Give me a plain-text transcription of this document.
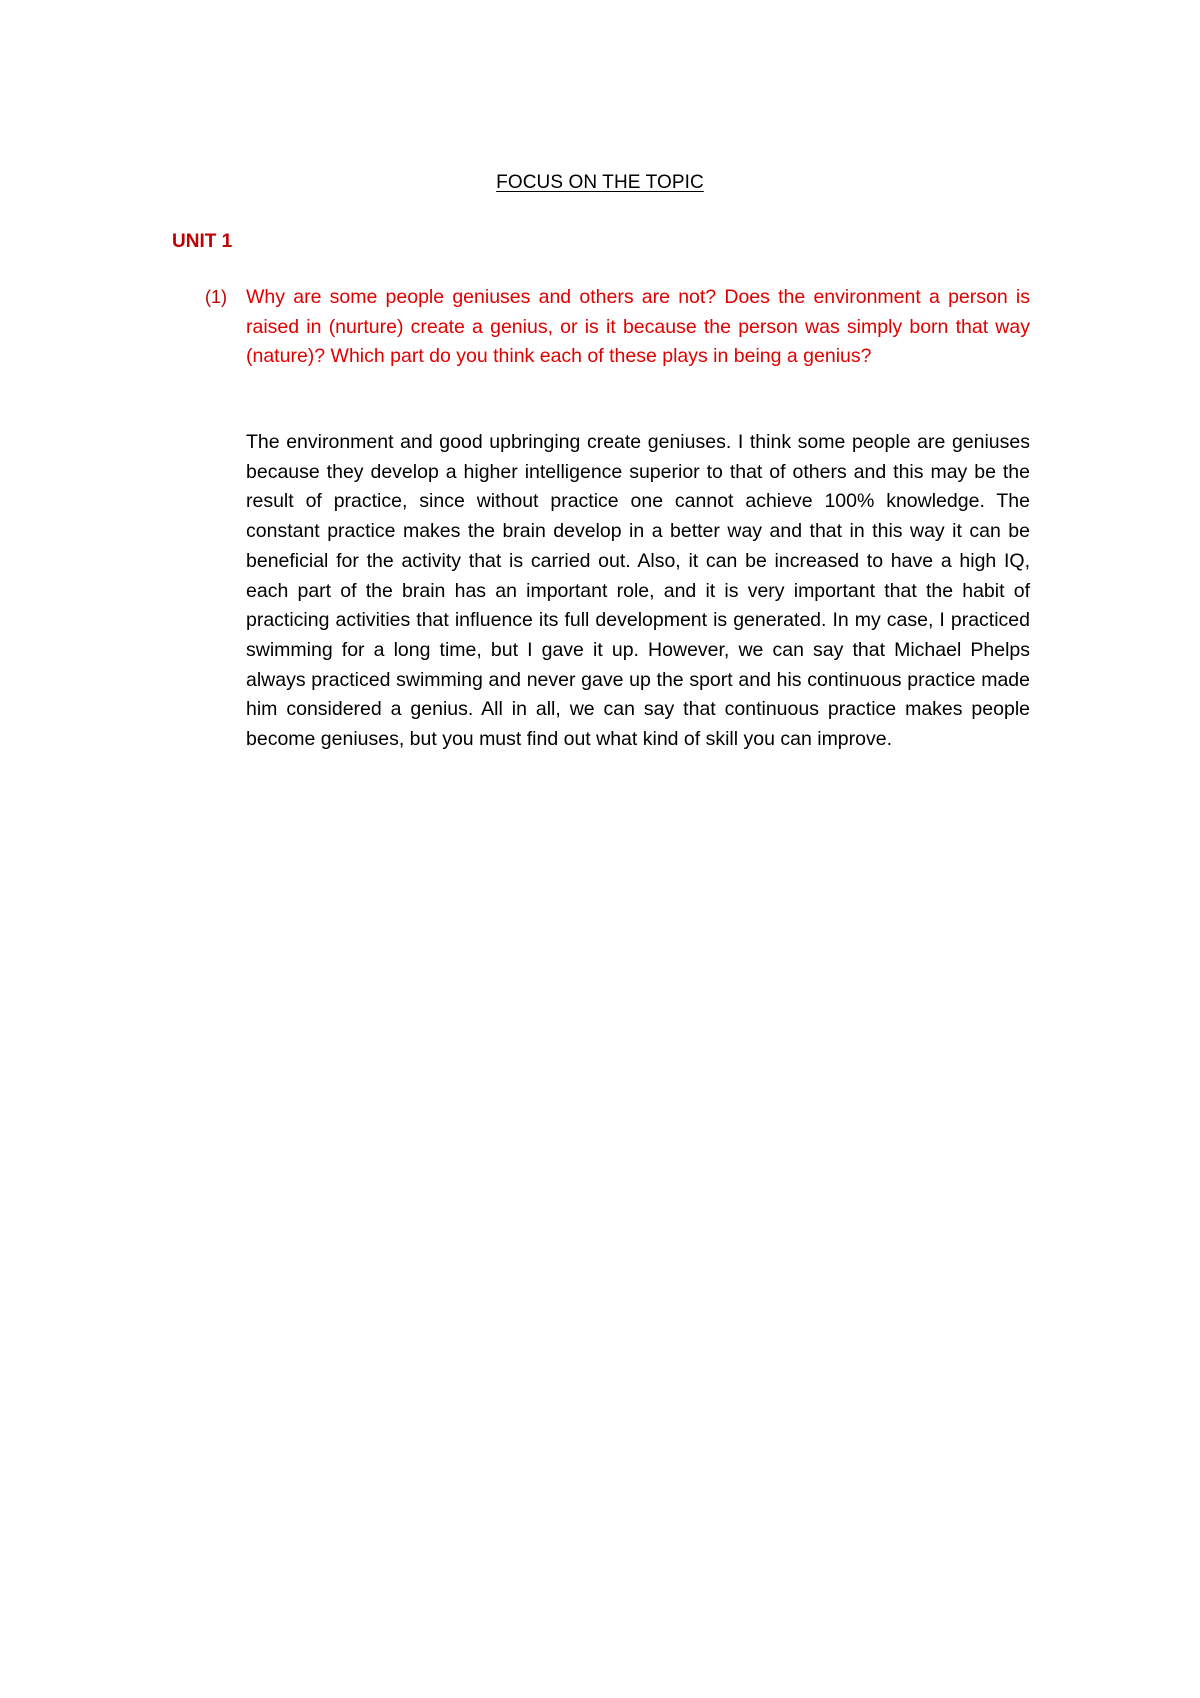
FOCUS ON THE TOPIC
UNIT 1
(1) Why are some people geniuses and others are not? Does the environment a person is raised in (nurture) create a genius, or is it because the person was simply born that way (nature)? Which part do you think each of these plays in being a genius?

The environment and good upbringing create geniuses. I think some people are geniuses because they develop a higher intelligence superior to that of others and this may be the result of practice, since without practice one cannot achieve 100% knowledge. The constant practice makes the brain develop in a better way and that in this way it can be beneficial for the activity that is carried out. Also, it can be increased to have a high IQ, each part of the brain has an important role, and it is very important that the habit of practicing activities that influence its full development is generated. In my case, I practiced swimming for a long time, but I gave it up. However, we can say that Michael Phelps always practiced swimming and never gave up the sport and his continuous practice made him considered a genius. All in all, we can say that continuous practice makes people become geniuses, but you must find out what kind of skill you can improve.
